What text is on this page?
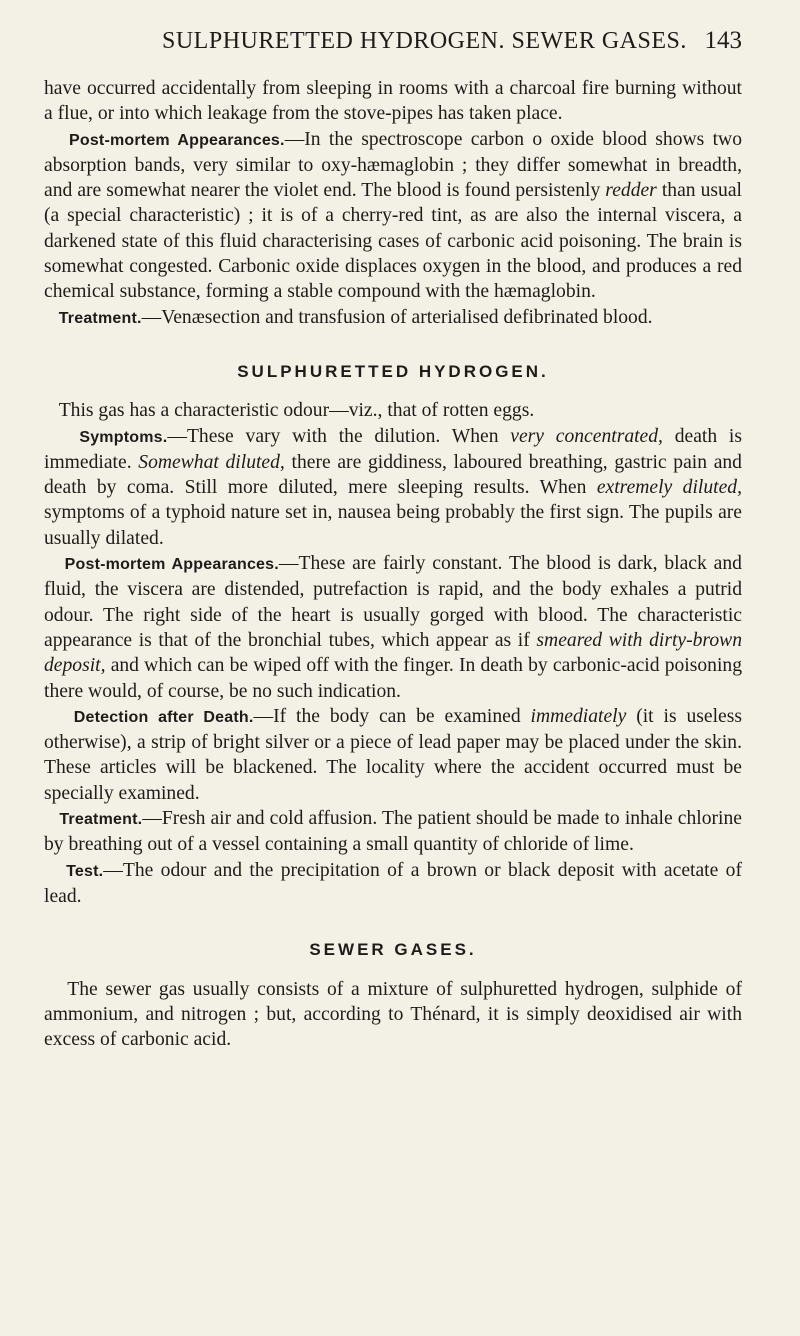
SULPHURETTED HYDROGEN. SEWER GASES. 143

have occurred accidentally from sleeping in rooms with a charcoal fire burning without a flue, or into which leakage from the stove-pipes has taken place.

Post-mortem Appearances.—In the spectroscope carbon o oxide blood shows two absorption bands, very similar to oxy-hæmaglobin ; they differ somewhat in breadth, and are somewhat nearer the violet end. The blood is found persistenly redder than usual (a special characteristic) ; it is of a cherry-red tint, as are also the internal viscera, a darkened state of this fluid characterising cases of carbonic acid poisoning. The brain is somewhat congested. Carbonic oxide displaces oxygen in the blood, and produces a red chemical substance, forming a stable compound with the hæmaglobin.

Treatment.—Venæsection and transfusion of arterialised defibrinated blood.

SULPHURETTED HYDROGEN.

This gas has a characteristic odour—viz., that of rotten eggs.

Symptoms.—These vary with the dilution. When very concentrated, death is immediate. Somewhat diluted, there are giddiness, laboured breathing, gastric pain and death by coma. Still more diluted, mere sleeping results. When extremely diluted, symptoms of a typhoid nature set in, nausea being probably the first sign. The pupils are usually dilated.

Post-mortem Appearances.—These are fairly constant. The blood is dark, black and fluid, the viscera are distended, putrefaction is rapid, and the body exhales a putrid odour. The right side of the heart is usually gorged with blood. The characteristic appearance is that of the bronchial tubes, which appear as if smeared with dirty-brown deposit, and which can be wiped off with the finger. In death by carbonic-acid poisoning there would, of course, be no such indication.

Detection after Death.—If the body can be examined immediately (it is useless otherwise), a strip of bright silver or a piece of lead paper may be placed under the skin. These articles will be blackened. The locality where the accident occurred must be specially examined.

Treatment.—Fresh air and cold affusion. The patient should be made to inhale chlorine by breathing out of a vessel containing a small quantity of chloride of lime.

Test.—The odour and the precipitation of a brown or black deposit with acetate of lead.

SEWER GASES.

The sewer gas usually consists of a mixture of sulphuretted hydrogen, sulphide of ammonium, and nitrogen ; but, according to Thénard, it is simply deoxidised air with excess of carbonic acid.
